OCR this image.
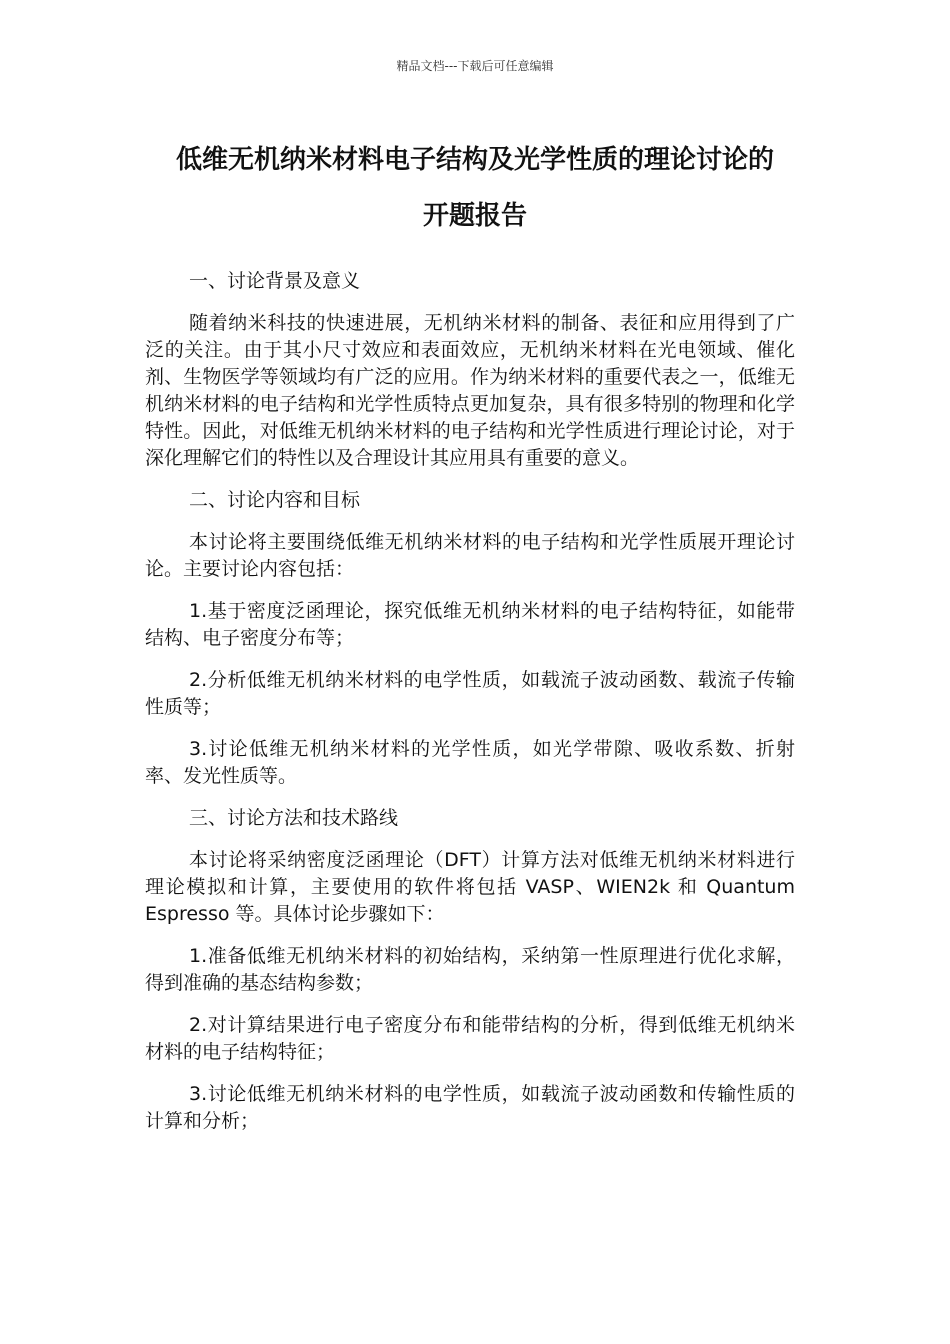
精品文档---下载后可任意编辑
低维无机纳米材料电子结构及光学性质的理论讨论的
开题报告

一、讨论背景及意义

随着纳米科技的快速进展，无机纳米材料的制备、表征和应用得到了广泛的关注。由于其小尺寸效应和表面效应，无机纳米材料在光电领域、催化剂、生物医学等领域均有广泛的应用。作为纳米材料的重要代表之一，低维无机纳米材料的电子结构和光学性质特点更加复杂，具有很多特别的物理和化学特性。因此，对低维无机纳米材料的电子结构和光学性质进行理论讨论，对于深化理解它们的特性以及合理设计其应用具有重要的意义。

二、讨论内容和目标

本讨论将主要围绕低维无机纳米材料的电子结构和光学性质展开理论讨论。主要讨论内容包括：

1.基于密度泛函理论，探究低维无机纳米材料的电子结构特征，如能带结构、电子密度分布等；

2.分析低维无机纳米材料的电学性质，如载流子波动函数、载流子传输性质等；

3.讨论低维无机纳米材料的光学性质，如光学带隙、吸收系数、折射率、发光性质等。

三、讨论方法和技术路线

本讨论将采纳密度泛函理论（DFT）计算方法对低维无机纳米材料进行理论模拟和计算，主要使用的软件将包括 VASP、WIEN2k 和 Quantum Espresso 等。具体讨论步骤如下：

1.准备低维无机纳米材料的初始结构，采纳第一性原理进行优化求解，得到准确的基态结构参数；

2.对计算结果进行电子密度分布和能带结构的分析，得到低维无机纳米材料的电子结构特征；

3.讨论低维无机纳米材料的电学性质，如载流子波动函数和传输性质的计算和分析；
